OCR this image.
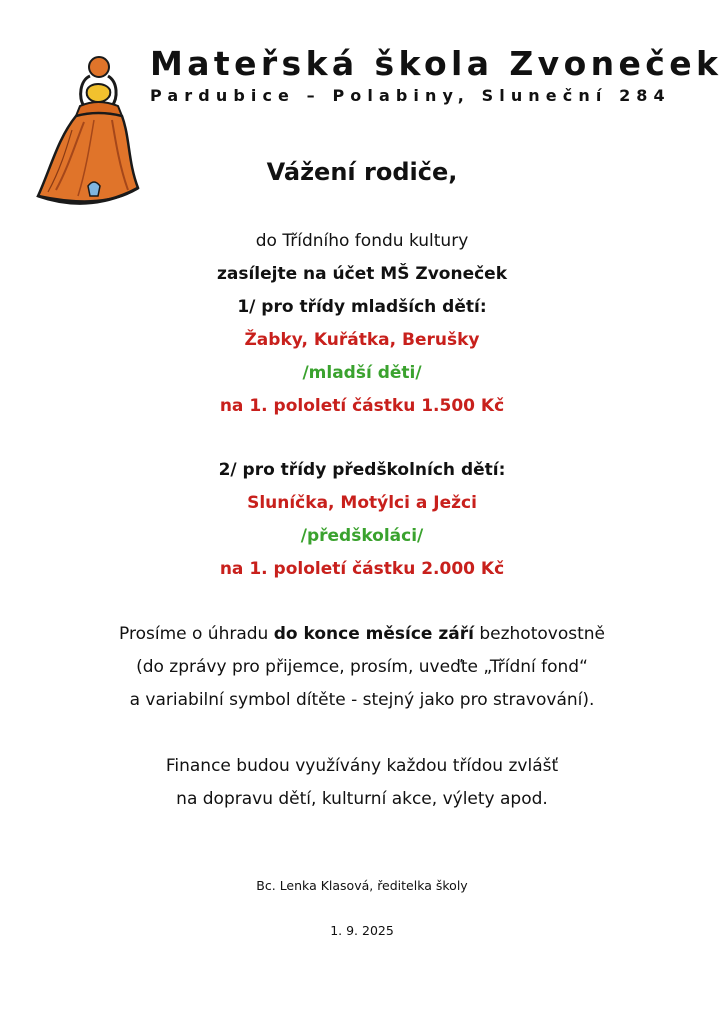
Mateřská škola Zvoneček
Pardubice – Polabiny, Sluneční 284
Vážení rodiče,
do Třídního fondu kultury
zasílejte na účet MŠ Zvoneček
1/ pro třídy mladších dětí:
Žabky, Kuřátka, Berušky
/mladší děti/
na 1. pololetí částku 1.500 Kč
2/ pro třídy předškolních dětí:
Sluníčka, Motýlci a Ježci
/předškoláci/
na 1. pololetí částku 2.000 Kč
Prosíme o úhradu do konce měsíce září bezhotovostně
(do zprávy pro přijemce, prosím, uveďte „Třídní fond“
a variabilní symbol dítěte - stejný jako pro stravování).
Finance budou využívány každou třídou zvlášť
na dopravu dětí, kulturní akce, výlety apod.
Bc. Lenka Klasová, ředitelka školy
1. 9. 2025
